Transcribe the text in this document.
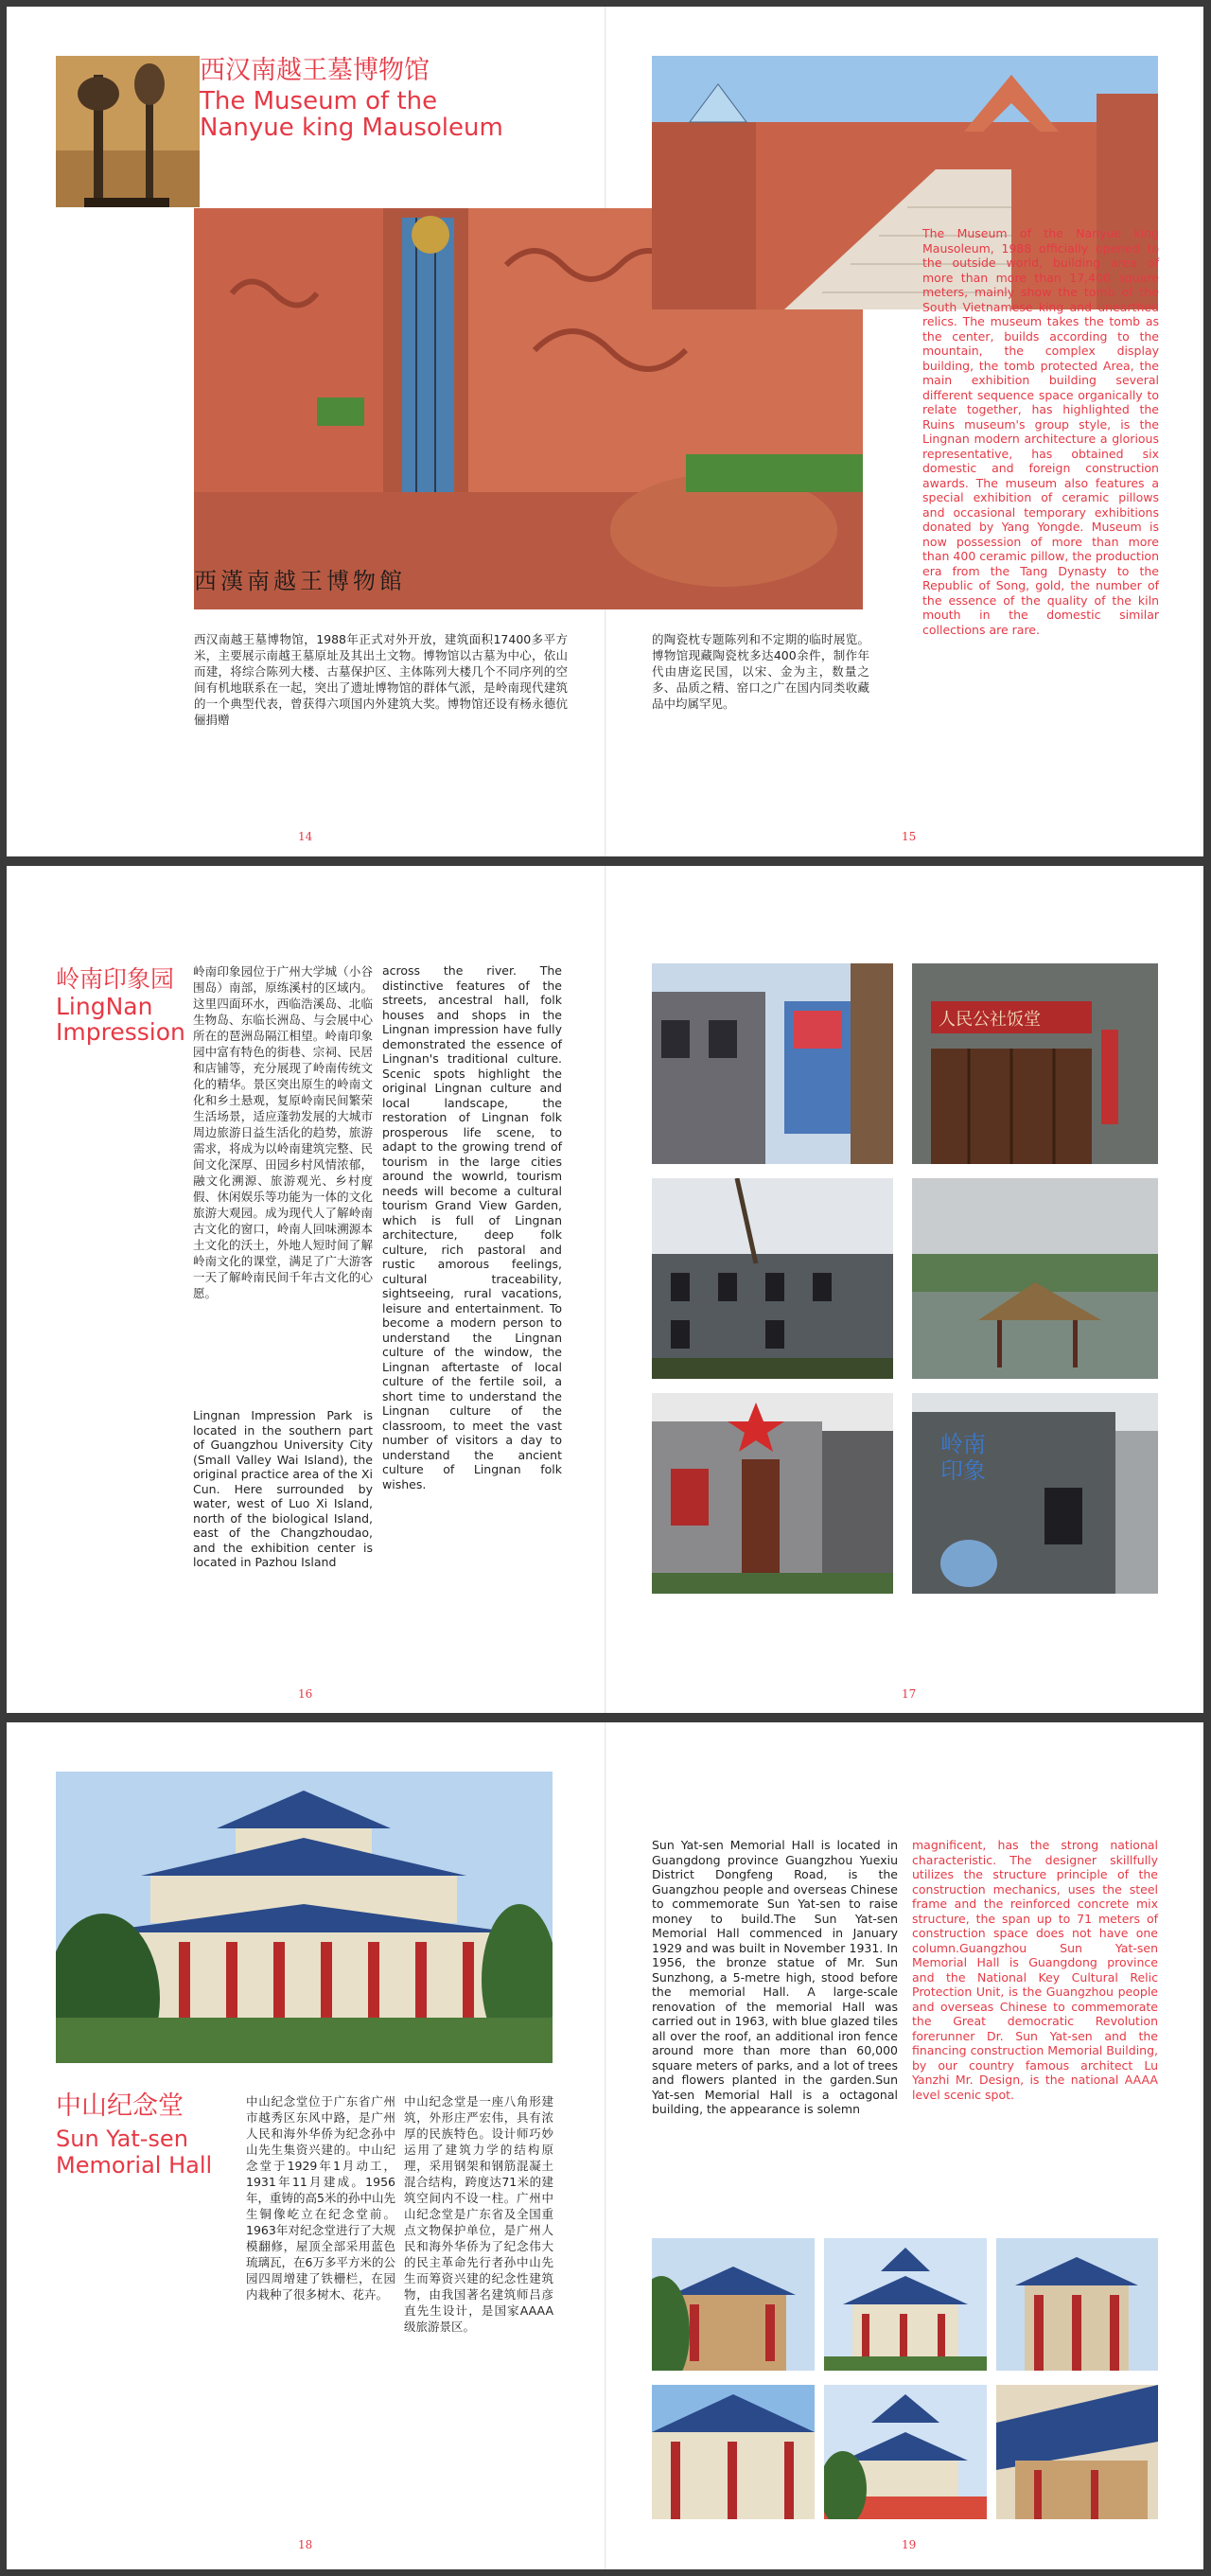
西汉南越王墓博物馆
The Museum of the
Nanyue king Mausoleum
西漢南越王博物館
西汉南越王墓博物馆，1988年正式对外开放，建筑面积17400多平方米，主要展示南越王墓原址及其出土文物。博物馆以古墓为中心，依山而建，将综合陈列大楼、古墓保护区、主体陈列大楼几个不同序列的空间有机地联系在一起，突出了遗址博物馆的群体气派，是岭南现代建筑的一个典型代表，曾获得六项国内外建筑大奖。博物馆还设有杨永德伉俪捐赠
的陶瓷枕专题陈列和不定期的临时展览。博物馆现藏陶瓷枕多达400余件，制作年代由唐迄民国，以宋、金为主，数量之多、品质之精、窑口之广在国内同类收藏品中均属罕见。
The Museum of the Nanyue king Mausoleum, 1988 officially opened to the outside world, building area of more than more than 17,400 square meters, mainly show the tomb of the South Vietnamese king and unearthed relics. The museum takes the tomb as the center, builds according to the mountain, the complex display building, the tomb protected Area, the main exhibition building several different sequence space organically to relate together, has highlighted the Ruins museum's group style, is the Lingnan modern architecture a glorious representative, has obtained six domestic and foreign construction awards. The museum also features a special exhibition of ceramic pillows and occasional temporary exhibitions donated by Yang Yongde. Museum is now possession of more than more than 400 ceramic pillow, the production era from the Tang Dynasty to the Republic of Song, gold, the number of the essence of the quality of the kiln mouth in the domestic similar collections are rare.
14	15
岭南印象园
LingNan
Impression
岭南印象园位于广州大学城（小谷围岛）南部，原练溪村的区域内。这里四面环水，西临浩溪岛、北临生物岛、东临长洲岛、与会展中心所在的琶洲岛隔江相望。岭南印象园中富有特色的街巷、宗祠、民居和店铺等，充分展现了岭南传统文化的精华。景区突出原生的岭南文化和乡土悬观，复原岭南民间繁荣生活场景，适应蓬勃发展的大城市周边旅游日益生活化的趋势，旅游需求，将成为以岭南建筑完整、民间文化深厚、田园乡村风情浓郁，融文化溯源、旅游观光、乡村度假、休闲娱乐等功能为一体的文化旅游大观园。成为现代人了解岭南古文化的窗口，岭南人回味溯源本土文化的沃土，外地人短时间了解岭南文化的课堂，满足了广大游客一天了解岭南民间千年古文化的心愿。
Lingnan Impression Park is located in the southern part of Guangzhou University City (Small Valley Wai Island), the original practice area of the Xi Cun. Here surrounded by water, west of Luo Xi Island, north of the biological Island, east of the Changzhoudao, and the exhibition center is located in Pazhou Island
across the river. The distinctive features of the streets, ancestral hall, folk houses and shops in the Lingnan impression have fully demonstrated the essence of Lingnan's traditional culture. Scenic spots highlight the original Lingnan culture and local landscape, the restoration of Lingnan folk prosperous life scene, to adapt to the growing trend of tourism in the large cities around the wowrld, tourism needs will become a cultural tourism Grand View Garden, which is full of Lingnan architecture, deep folk culture, rich pastoral and rustic amorous feelings, cultural traceability, sightseeing, rural vacations, leisure and entertainment. To become a modern person to understand the Lingnan culture of the window, the Lingnan aftertaste of local culture of the fertile soil, a short time to understand the Lingnan culture of the classroom, to meet the vast number of visitors a day to understand the ancient culture of Lingnan folk wishes.
人民公社饭堂
岭南印象
16	17
中山纪念堂
Sun Yat-sen
Memorial Hall
中山纪念堂位于广东省广州市越秀区东风中路，是广州人民和海外华侨为纪念孙中山先生集资兴建的。中山纪念堂于1929年1月动工，1931年11月建成。1956年，重铸的高5米的孙中山先生铜像屹立在纪念堂前。1963年对纪念堂进行了大规模翻修，屋顶全部采用蓝色琉璃瓦，在6万多平方米的公园四周增建了铁栅栏，在园内栽种了很多树木、花卉。
中山纪念堂是一座八角形建筑，外形庄严宏伟，具有浓厚的民族特色。设计师巧妙运用了建筑力学的结构原理，采用钢架和钢筋混凝土混合结构，跨度达71米的建筑空间内不设一柱。广州中山纪念堂是广东省及全国重点文物保护单位，是广州人民和海外华侨为了纪念伟大的民主革命先行者孙中山先生而筹资兴建的纪念性建筑物，由我国著名建筑师吕彦直先生设计，是国家AAAA级旅游景区。
Sun Yat-sen Memorial Hall is located in Guangdong province Guangzhou Yuexiu District Dongfeng Road, is the Guangzhou people and overseas Chinese to commemorate Sun Yat-sen to raise money to build.The Sun Yat-sen Memorial Hall commenced in January 1929 and was built in November 1931. In 1956, the bronze statue of Mr. Sun Sunzhong, a 5-metre high, stood before the memorial Hall. A large-scale renovation of the memorial Hall was carried out in 1963, with blue glazed tiles all over the roof, an additional iron fence around more than more than 60,000 square meters of parks, and a lot of trees and flowers planted in the garden.Sun Yat-sen Memorial Hall is a octagonal building, the appearance is solemn
magnificent, has the strong national characteristic. The designer skillfully utilizes the structure principle of the construction mechanics, uses the steel frame and the reinforced concrete mix structure, the span up to 71 meters of construction space does not have one column.Guangzhou Sun Yat-sen Memorial Hall is Guangdong province and the National Key Cultural Relic Protection Unit, is the Guangzhou people and overseas Chinese to commemorate the Great democratic Revolution forerunner Dr. Sun Yat-sen and the financing construction Memorial Building, by our country famous architect Lu Yanzhi Mr. Design, is the national AAAA level scenic spot.
18	19
